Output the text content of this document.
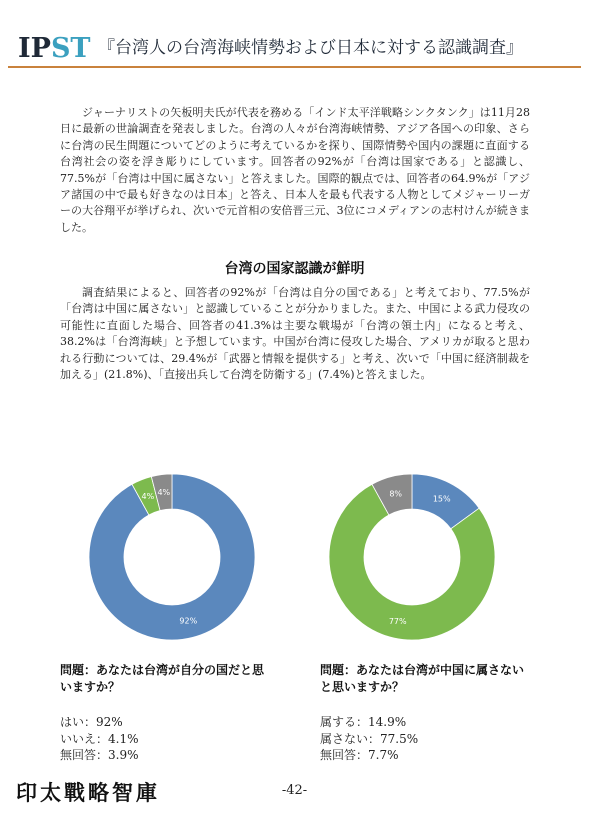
IPST 『台湾人の台湾海峡情勢および日本に対する認識調査』
ジャーナリストの矢板明夫氏が代表を務める「インド太平洋戦略シンクタンク」は11月28日に最新の世論調査を発表しました。台湾の人々が台湾海峡情勢、アジア各国への印象、さらに台湾の民生問題についてどのように考えているかを探り、国際情勢や国内の課題に直面する台湾社会の姿を浮き彫りにしています。回答者の92%が「台湾は国家である」と認識し、77.5%が「台湾は中国に属さない」と答えました。国際的観点では、回答者の64.9%が「アジア諸国の中で最も好きなのは日本」と答え、日本人を最も代表する人物としてメジャーリーガーの大谷翔平が挙げられ、次いで元首相の安倍晋三元、3位にコメディアンの志村けんが続きました。
台湾の国家認識が鮮明
調査結果によると、回答者の92%が「台湾は自分の国である」と考えており、77.5%が「台湾は中国に属さない」と認識していることが分かりました。また、中国による武力侵攻の可能性に直面した場合、回答者の41.3%は主要な戦場が「台湾の領土内」になると考え、38.2%は「台湾海峡」と予想しています。中国が台湾に侵攻した場合、アメリカが取ると思われる行動については、29.4%が「武器と情報を提供する」と考え、次いで「中国に経済制裁を加える」(21.8%)、「直接出兵して台湾を防衛する」(7.4%)と答えました。
92%
4% 4%
15%
77%
8%
問題：あなたは台湾が自分の国だと思いますか？
問題：あなたは台湾が中国に属さないと思いますか？
はい：92%
いいえ：4.1%
無回答：3.9%
属する：14.9%
属さない：77.5%
無回答：7.7%
印太戰略智庫	-42-
